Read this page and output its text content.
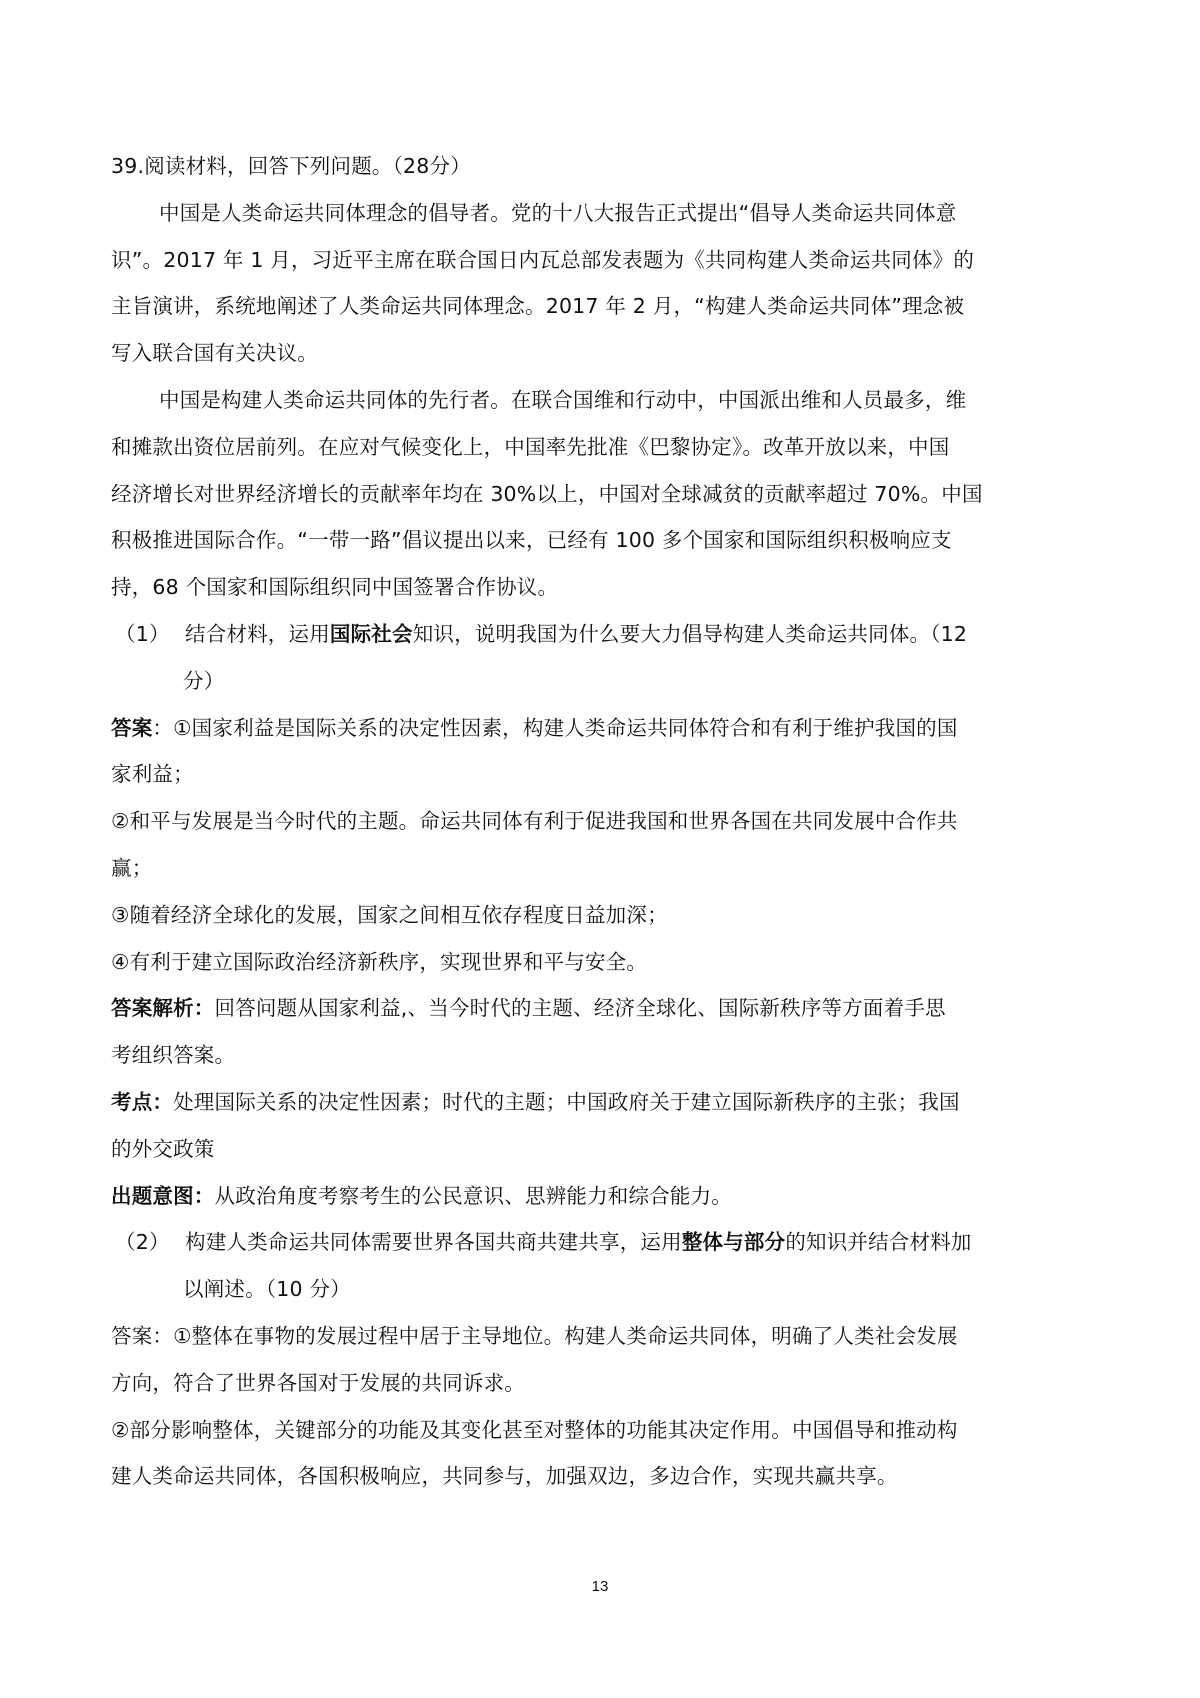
39.阅读材料，回答下列问题。（28分）
中国是人类命运共同体理念的倡导者。党的十八大报告正式提出“倡导人类命运共同体意
识”。2017 年 1 月，习近平主席在联合国日内瓦总部发表题为《共同构建人类命运共同体》的
主旨演讲，系统地阐述了人类命运共同体理念。2017 年 2 月，“构建人类命运共同体”理念被
写入联合国有关决议。
中国是构建人类命运共同体的先行者。在联合国维和行动中，中国派出维和人员最多，维
和摊款出资位居前列。在应对气候变化上，中国率先批准《巴黎协定》。改革开放以来，中国
经济增长对世界经济增长的贡献率年均在 30%以上，中国对全球减贫的贡献率超过 70%。中国
积极推进国际合作。“一带一路”倡议提出以来，已经有 100 多个国家和国际组织积极响应支
持，68 个国家和国际组织同中国签署合作协议。
（1） 结合材料，运用国际社会知识，说明我国为什么要大力倡导构建人类命运共同体。（12
分）
答案：①国家利益是国际关系的决定性因素，构建人类命运共同体符合和有利于维护我国的国
家利益；
②和平与发展是当今时代的主题。命运共同体有利于促进我国和世界各国在共同发展中合作共
赢；
③随着经济全球化的发展，国家之间相互依存程度日益加深；
④有利于建立国际政治经济新秩序，实现世界和平与安全。
答案解析：回答问题从国家利益,、当今时代的主题、经济全球化、国际新秩序等方面着手思
考组织答案。
考点：处理国际关系的决定性因素；时代的主题；中国政府关于建立国际新秩序的主张；我国
的外交政策
出题意图：从政治角度考察考生的公民意识、思辨能力和综合能力。
（2） 构建人类命运共同体需要世界各国共商共建共享，运用整体与部分的知识并结合材料加
以阐述。（10 分）
答案：①整体在事物的发展过程中居于主导地位。构建人类命运共同体，明确了人类社会发展
方向，符合了世界各国对于发展的共同诉求。
②部分影响整体，关键部分的功能及其变化甚至对整体的功能其决定作用。中国倡导和推动构
建人类命运共同体，各国积极响应，共同参与，加强双边，多边合作，实现共赢共享。
13
